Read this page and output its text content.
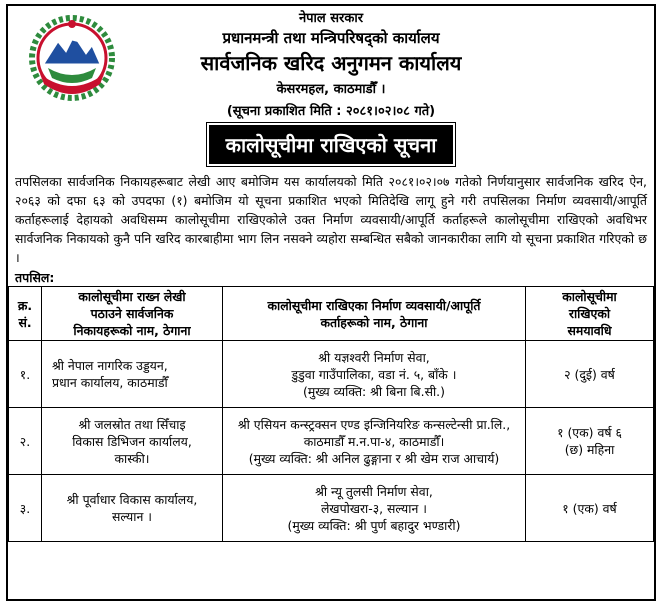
नेपाल सरकार
प्रधानमन्त्री तथा मन्त्रिपरिषद्को कार्यालय
सार्वजनिक खरिद अनुगमन कार्यालय
केसरमहल, काठमाडौँ ।
(सूचना प्रकाशित मिति : २०८१।०२।०८ गते)
कालोसूचीमा राखिएको सूचना
तपसिलका सार्वजनिक निकायहरूबाट लेखी आए बमोजिम यस कार्यालयको मिति २०८१।०२।०७ गतेको निर्णयानुसार सार्वजनिक खरिद ऐन, २०६३ को दफा ६३ को उपदफा (१) बमोजिम यो सूचना प्रकाशित भएको मितिदेखि लागू हुने गरी तपसिलका निर्माण व्यवसायी/आपूर्ति कर्ताहरूलाई देहायको अवधिसम्म कालोसूचीमा राखिएकोले उक्त निर्माण व्यवसायी/आपूर्ति कर्ताहरूले कालोसूचीमा राखिएको अवधिभर सार्वजनिक निकायको कुनै पनि खरिद कारबाहीमा भाग लिन नसक्ने व्यहोरा सम्बन्धित सबैको जानकारीका लागि यो सूचना प्रकाशित गरिएको छ ।
तपसिल:
क्र.
सं.	कालोसूचीमा राख्न लेखी
पठाउने सार्वजनिक
निकायहरूको नाम, ठेगाना	कालोसूचीमा राखिएका निर्माण व्यवसायी/आपूर्ति
कर्ताहरूको नाम, ठेगाना	कालोसूचीमा
राखिएको
समयावधि

१.	श्री नेपाल नागरिक उड्डयन,
प्रधान कार्यालय, काठमाडौँ	श्री यज्ञश्वरी निर्माण सेवा,
डुडुवा गाउँपालिका, वडा नं. ५, बाँके ।
(मुख्य व्यक्ति: श्री बिना बि.सी.)	२ (दुई) वर्ष

२.	श्री जलस्रोत तथा सिँचाइ
विकास डिभिजन कार्यालय,
कास्की।	श्री एसियन कन्स्ट्रक्सन एण्ड इन्जिनियरिङ कन्सल्टेन्सी प्रा.लि.,
काठमाडौँ म.न.पा-४, काठमाडौँ।
(मुख्य व्यक्ति: श्री अनिल ढुङ्गाना र श्री खेम राज आचार्य)	१ (एक) वर्ष ६
(छ) महिना

३.	श्री पूर्वाधार विकास कार्यालय,
सल्यान ।	श्री न्यू तुलसी निर्माण सेवा,
लेखपोखरा-३, सल्यान ।
(मुख्य व्यक्ति: श्री पुर्ण बहादुर भण्डारी)	१ (एक) वर्ष
